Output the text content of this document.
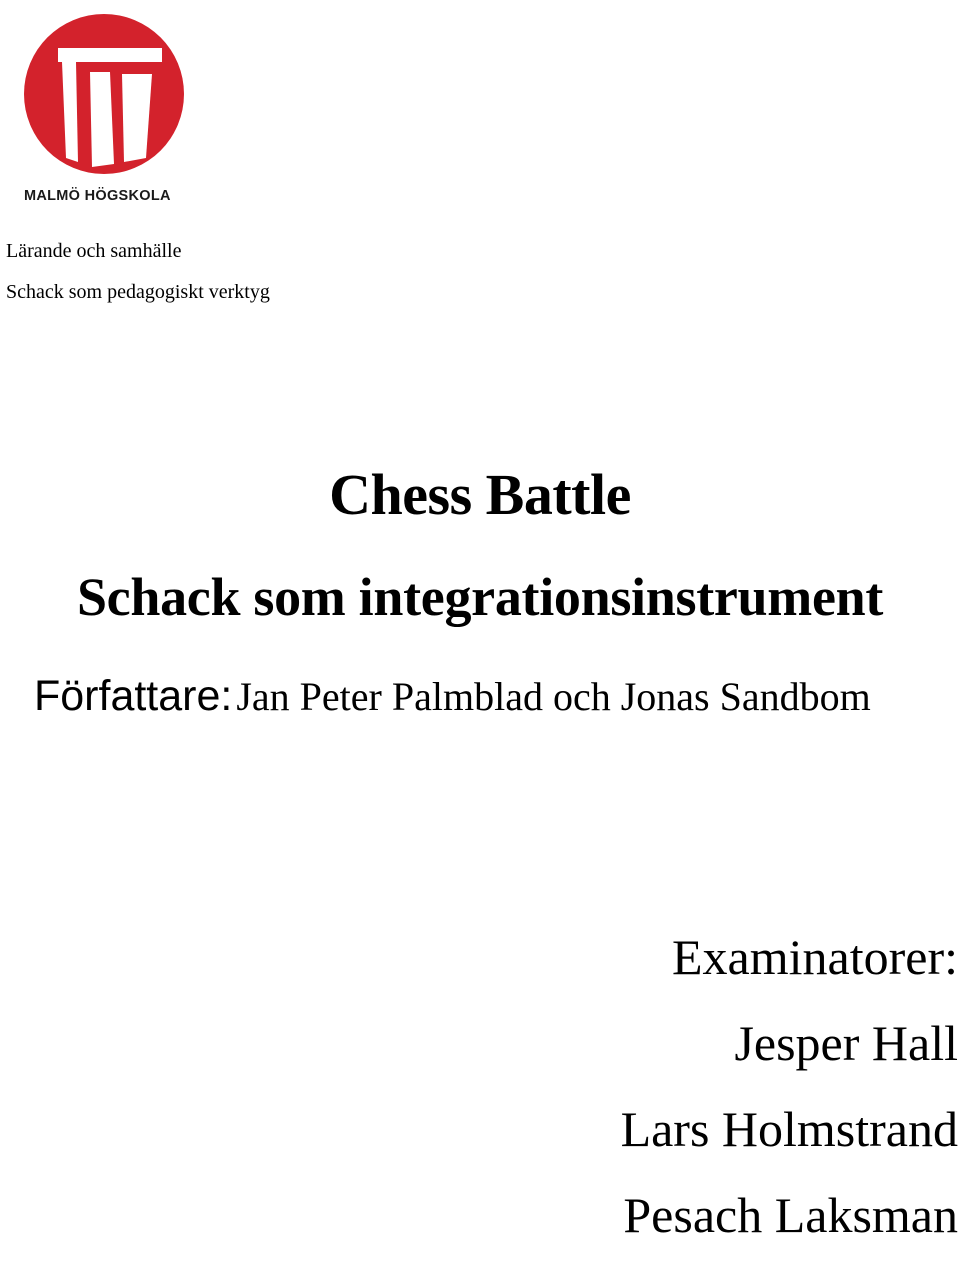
MALMÖ HÖGSKOLA
Lärande och samhälle
Schack som pedagogiskt verktyg
Chess Battle
Schack som integrationsinstrument
Författare: Jan Peter Palmblad och Jonas Sandbom
Examinatorer:
Jesper Hall
Lars Holmstrand
Pesach Laksman
